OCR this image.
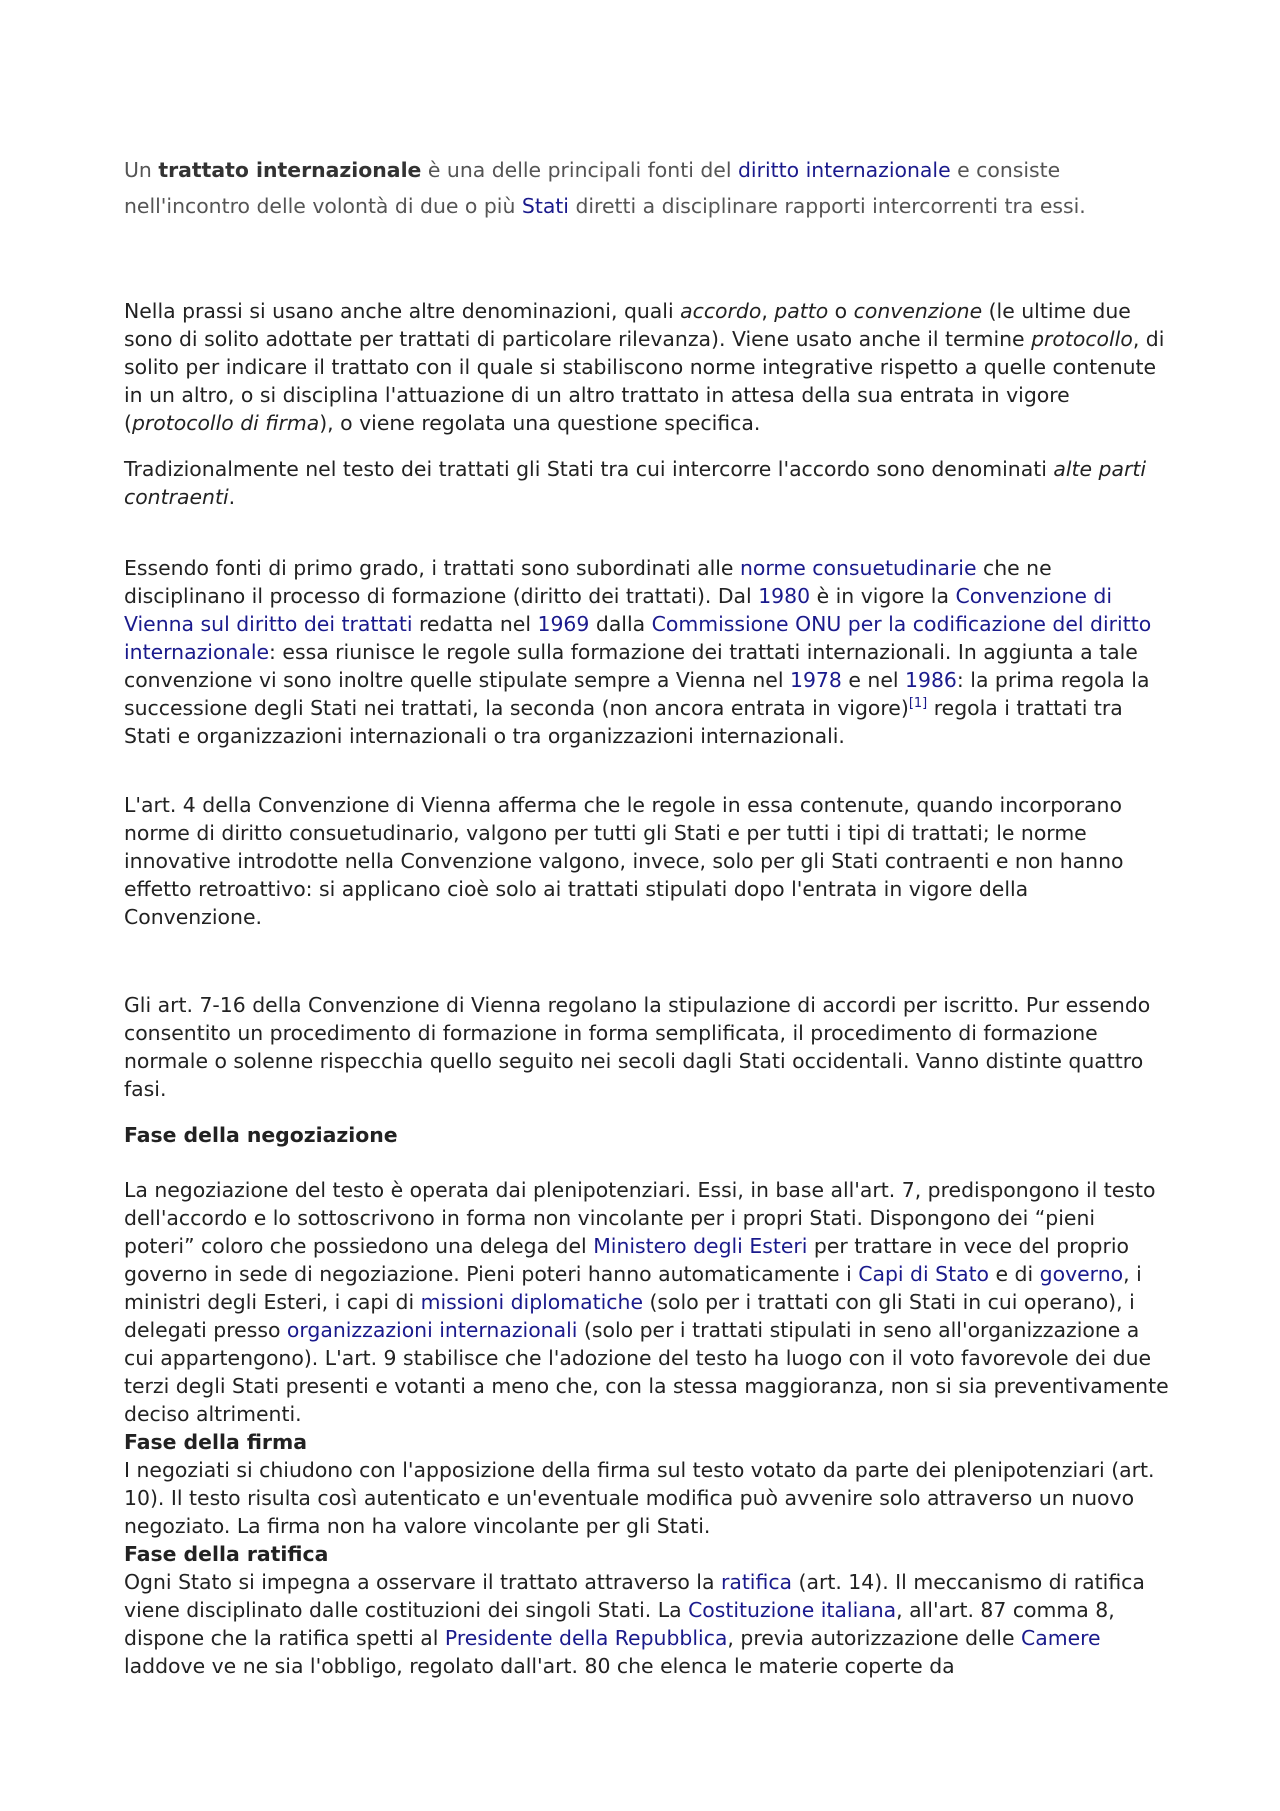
Un trattato internazionale è una delle principali fonti del diritto internazionale e consiste nell'incontro delle volontà di due o più Stati diretti a disciplinare rapporti intercorrenti tra essi.

Nella prassi si usano anche altre denominazioni, quali accordo, patto o convenzione (le ultime due sono di solito adottate per trattati di particolare rilevanza). Viene usato anche il termine protocollo, di solito per indicare il trattato con il quale si stabiliscono norme integrative rispetto a quelle contenute in un altro, o si disciplina l'attuazione di un altro trattato in attesa della sua entrata in vigore (protocollo di firma), o viene regolata una questione specifica.

Tradizionalmente nel testo dei trattati gli Stati tra cui intercorre l'accordo sono denominati alte parti contraenti.

Essendo fonti di primo grado, i trattati sono subordinati alle norme consuetudinarie che ne disciplinano il processo di formazione (diritto dei trattati). Dal 1980 è in vigore la Convenzione di Vienna sul diritto dei trattati redatta nel 1969 dalla Commissione ONU per la codificazione del diritto internazionale: essa riunisce le regole sulla formazione dei trattati internazionali. In aggiunta a tale convenzione vi sono inoltre quelle stipulate sempre a Vienna nel 1978 e nel 1986: la prima regola la successione degli Stati nei trattati, la seconda (non ancora entrata in vigore)[1] regola i trattati tra Stati e organizzazioni internazionali o tra organizzazioni internazionali.

L'art. 4 della Convenzione di Vienna afferma che le regole in essa contenute, quando incorporano norme di diritto consuetudinario, valgono per tutti gli Stati e per tutti i tipi di trattati; le norme innovative introdotte nella Convenzione valgono, invece, solo per gli Stati contraenti e non hanno effetto retroattivo: si applicano cioè solo ai trattati stipulati dopo l'entrata in vigore della Convenzione.

Gli art. 7-16 della Convenzione di Vienna regolano la stipulazione di accordi per iscritto. Pur essendo consentito un procedimento di formazione in forma semplificata, il procedimento di formazione normale o solenne rispecchia quello seguito nei secoli dagli Stati occidentali. Vanno distinte quattro fasi.

Fase della negoziazione

La negoziazione del testo è operata dai plenipotenziari. Essi, in base all'art. 7, predispongono il testo dell'accordo e lo sottoscrivono in forma non vincolante per i propri Stati. Dispongono dei “pieni poteri” coloro che possiedono una delega del Ministero degli Esteri per trattare in vece del proprio governo in sede di negoziazione. Pieni poteri hanno automaticamente i Capi di Stato e di governo, i ministri degli Esteri, i capi di missioni diplomatiche (solo per i trattati con gli Stati in cui operano), i delegati presso organizzazioni internazionali (solo per i trattati stipulati in seno all'organizzazione a cui appartengono). L'art. 9 stabilisce che l'adozione del testo ha luogo con il voto favorevole dei due terzi degli Stati presenti e votanti a meno che, con la stessa maggioranza, non si sia preventivamente deciso altrimenti.

Fase della firma

I negoziati si chiudono con l'apposizione della firma sul testo votato da parte dei plenipotenziari (art. 10). Il testo risulta così autenticato e un'eventuale modifica può avvenire solo attraverso un nuovo negoziato. La firma non ha valore vincolante per gli Stati.

Fase della ratifica

Ogni Stato si impegna a osservare il trattato attraverso la ratifica (art. 14). Il meccanismo di ratifica viene disciplinato dalle costituzioni dei singoli Stati. La Costituzione italiana, all'art. 87 comma 8, dispone che la ratifica spetti al Presidente della Repubblica, previa autorizzazione delle Camere laddove ve ne sia l'obbligo, regolato dall'art. 80 che elenca le materie coperte da
